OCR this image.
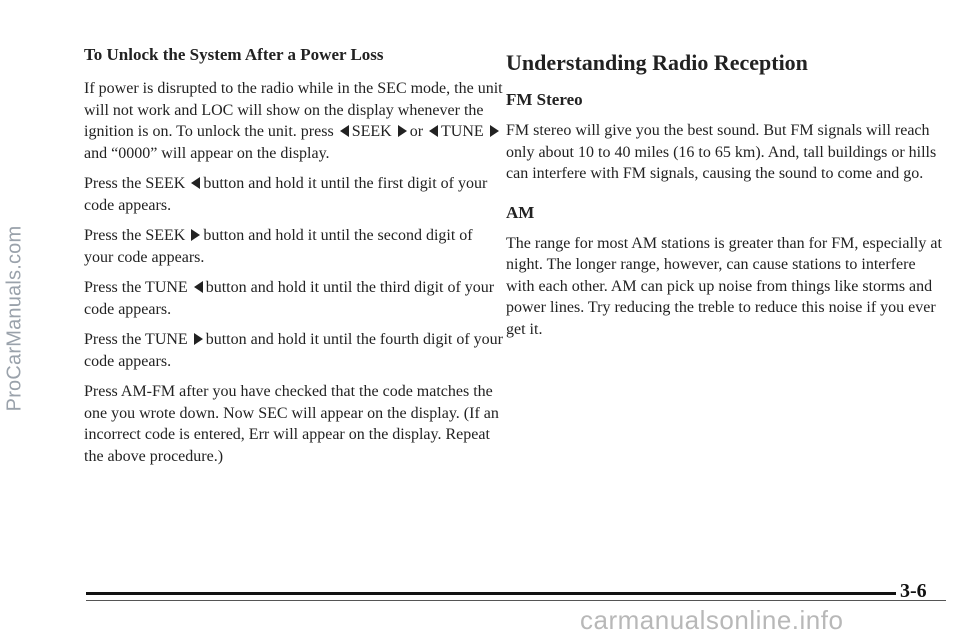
ProCarManuals.com
To Unlock the System After a Power Loss

If power is disrupted to the radio while in the SEC mode, the unit will not work and LOC will show on the display whenever the ignition is on. To unlock the unit. press SEEK or TUNE and “0000” will appear on the display.

Press the SEEK button and hold it until the first digit of your code appears.

Press the SEEK button and hold it until the second digit of your code appears.

Press the TUNE button and hold it until the third digit of your code appears.

Press the TUNE button and hold it until the fourth digit of your code appears.

Press AM-FM after you have checked that the code matches the one you wrote down. Now SEC will appear on the display. (If an incorrect code is entered, Err will appear on the display. Repeat the above procedure.)

Understanding Radio Reception
FM Stereo

FM stereo will give you the best sound. But FM signals will reach only about 10 to 40 miles (16 to 65 km). And, tall buildings or hills can interfere with FM signals, causing the sound to come and go.

AM

The range for most AM stations is greater than for FM, especially at night. The longer range, however, can cause stations to interfere with each other. AM can pick up noise from things like storms and power lines. Try reducing the treble to reduce this noise if you ever get it.

3-6
carmanualsonline.info
